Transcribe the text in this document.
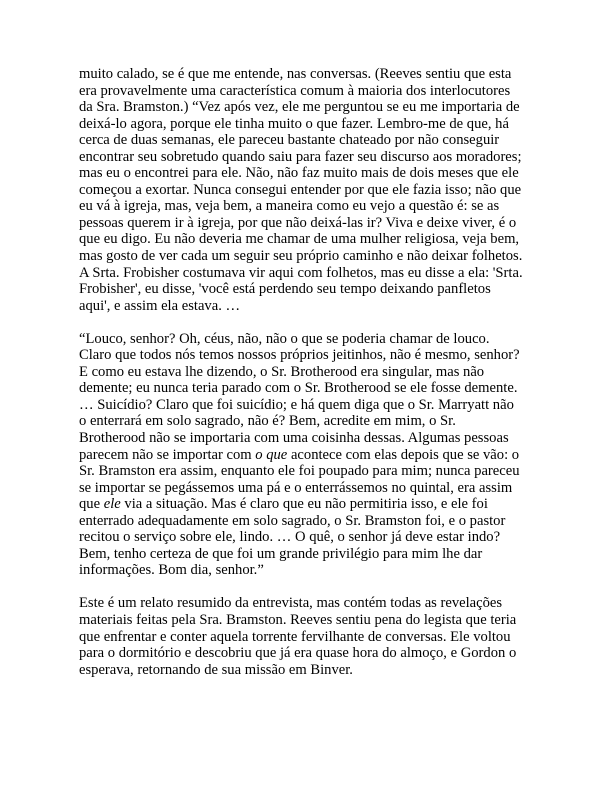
muito calado, se é que me entende, nas conversas. (Reeves sentiu que esta
era provavelmente uma característica comum à maioria dos interlocutores
da Sra. Bramston.) “Vez após vez, ele me perguntou se eu me importaria de
deixá-lo agora, porque ele tinha muito o que fazer. Lembro-me de que, há
cerca de duas semanas, ele pareceu bastante chateado por não conseguir
encontrar seu sobretudo quando saiu para fazer seu discurso aos moradores;
mas eu o encontrei para ele. Não, não faz muito mais de dois meses que ele
começou a exortar. Nunca consegui entender por que ele fazia isso; não que
eu vá à igreja, mas, veja bem, a maneira como eu vejo a questão é: se as
pessoas querem ir à igreja, por que não deixá-las ir? Viva e deixe viver, é o
que eu digo. Eu não deveria me chamar de uma mulher religiosa, veja bem,
mas gosto de ver cada um seguir seu próprio caminho e não deixar folhetos.
A Srta. Frobisher costumava vir aqui com folhetos, mas eu disse a ela: 'Srta.
Frobisher', eu disse, 'você está perdendo seu tempo deixando panfletos
aqui', e assim ela estava. …
“Louco, senhor? Oh, céus, não, não o que se poderia chamar de louco.
Claro que todos nós temos nossos próprios jeitinhos, não é mesmo, senhor?
E como eu estava lhe dizendo, o Sr. Brotherood era singular, mas não
demente; eu nunca teria parado com o Sr. Brotherood se ele fosse demente.
… Suicídio? Claro que foi suicídio; e há quem diga que o Sr. Marryatt não
o enterrará em solo sagrado, não é? Bem, acredite em mim, o Sr.
Brotherood não se importaria com uma coisinha dessas. Algumas pessoas
parecem não se importar com o que acontece com elas depois que se vão: o
Sr. Bramston era assim, enquanto ele foi poupado para mim; nunca pareceu
se importar se pegássemos uma pá e o enterrássemos no quintal, era assim
que ele via a situação. Mas é claro que eu não permitiria isso, e ele foi
enterrado adequadamente em solo sagrado, o Sr. Bramston foi, e o pastor
recitou o serviço sobre ele, lindo. … O quê, o senhor já deve estar indo?
Bem, tenho certeza de que foi um grande privilégio para mim lhe dar
informações. Bom dia, senhor.”
Este é um relato resumido da entrevista, mas contém todas as revelações
materiais feitas pela Sra. Bramston. Reeves sentiu pena do legista que teria
que enfrentar e conter aquela torrente fervilhante de conversas. Ele voltou
para o dormitório e descobriu que já era quase hora do almoço, e Gordon o
esperava, retornando de sua missão em Binver.
